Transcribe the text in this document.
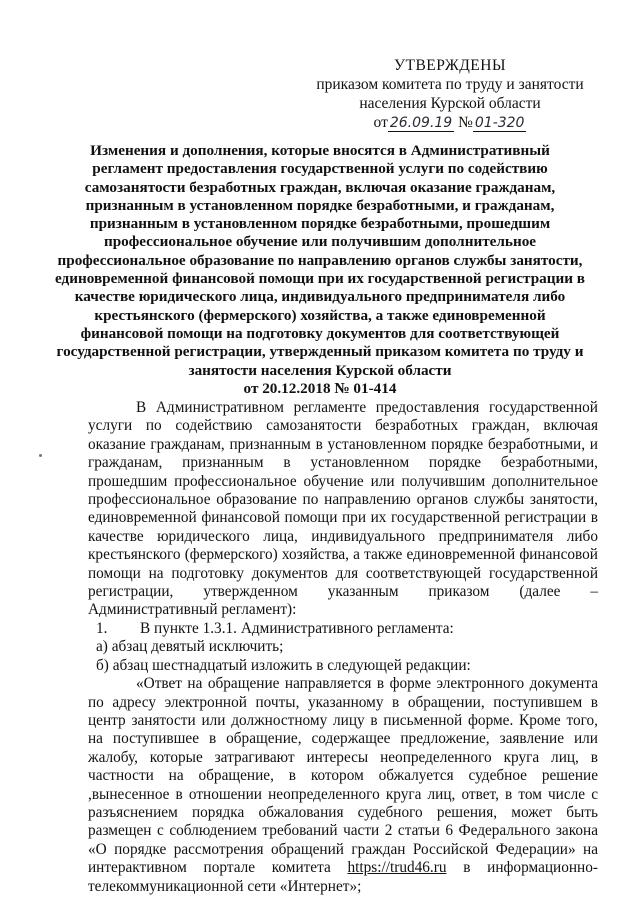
УТВЕРЖДЕНЫ
приказом комитета по труду и занятости
населения Курской области
от 26.09.19 № 01-320
Изменения и дополнения, которые вносятся в Административный регламент предоставления государственной услуги по содействию самозанятости безработных граждан, включая оказание гражданам, признанным в установленном порядке безработными, и гражданам, признанным в установленном порядке безработными, прошедшим профессиональное обучение или получившим дополнительное профессиональное образование по направлению органов службы занятости, единовременной финансовой помощи при их государственной регистрации в качестве юридического лица, индивидуального предпринимателя либо крестьянского (фермерского) хозяйства, а также единовременной финансовой помощи на подготовку документов для соответствующей государственной регистрации, утвержденный приказом комитета по труду и занятости населения Курской области
от 20.12.2018 № 01-414

В Административном регламенте предоставления государственной услуги по содействию самозанятости безработных граждан, включая оказание гражданам, признанным в установленном порядке безработными, и гражданам, признанным в установленном порядке безработными, прошедшим профессиональное обучение или получившим дополнительное профессиональное образование по направлению органов службы занятости, единовременной финансовой помощи при их государственной регистрации в качестве юридического лица, индивидуального предпринимателя либо крестьянского (фермерского) хозяйства, а также единовременной финансовой помощи на подготовку документов для соответствующей государственной регистрации, утвержденном указанным приказом (далее – Административный регламент):

1. В пункте 1.3.1. Административного регламента:

а) абзац девятый исключить;

б) абзац шестнадцатый изложить в следующей редакции:

«Ответ на обращение направляется в форме электронного документа по адресу электронной почты, указанному в обращении, поступившем в центр занятости или должностному лицу в письменной форме. Кроме того, на поступившее в обращение, содержащее предложение, заявление или жалобу, которые затрагивают интересы неопределенного круга лиц, в частности на обращение, в котором обжалуется судебное решение ,вынесенное в отношении неопределенного круга лиц, ответ, в том числе с разъяснением порядка обжалования судебного решения, может быть размещен с соблюдением требований части 2 статьи 6 Федерального закона «О порядке рассмотрения обращений граждан Российской Федерации» на интерактивном портале комитета https://trud46.ru в информационно-телекоммуникационной сети «Интернет»;
